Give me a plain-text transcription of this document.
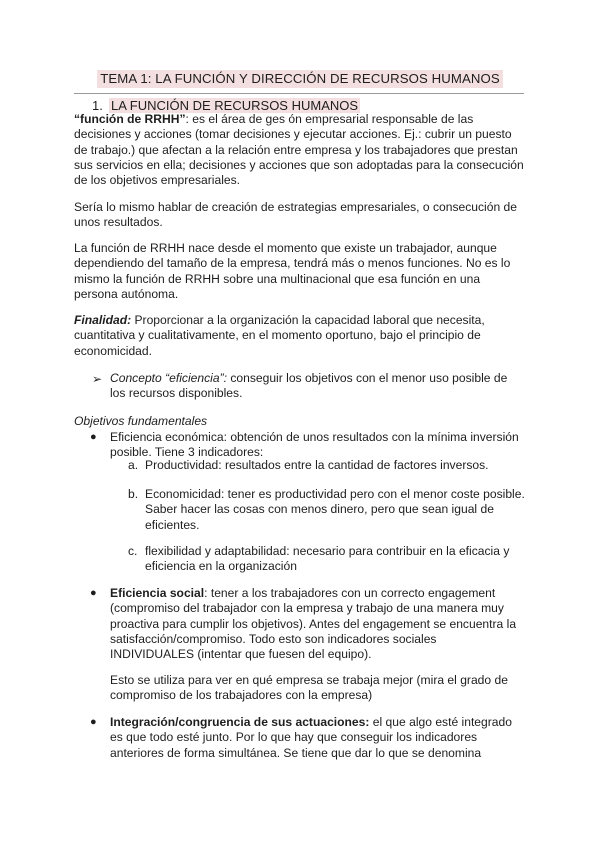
TEMA 1: LA FUNCIÓN Y DIRECCIÓN DE RECURSOS HUMANOS
1. LA FUNCIÓN DE RECURSOS HUMANOS
“función de RRHH”: es el área de ges ón empresarial responsable de las decisiones y acciones (tomar decisiones y ejecutar acciones. Ej.: cubrir un puesto de trabajo.) que afectan a la relación entre empresa y los trabajadores que prestan sus servicios en ella; decisiones y acciones que son adoptadas para la consecución de los objetivos empresariales.
Sería lo mismo hablar de creación de estrategias empresariales, o consecución de unos resultados.
La función de RRHH nace desde el momento que existe un trabajador, aunque dependiendo del tamaño de la empresa, tendrá más o menos funciones. No es lo mismo la función de RRHH sobre una multinacional que esa función en una persona autónoma.
Finalidad: Proporcionar a la organización la capacidad laboral que necesita, cuantitativa y cualitativamente, en el momento oportuno, bajo el principio de economicidad.
➢ Concepto “eficiencia”: conseguir los objetivos con el menor uso posible de los recursos disponibles.
Objetivos fundamentales
● Eficiencia económica: obtención de unos resultados con la mínima inversión posible. Tiene 3 indicadores:
a. Productividad: resultados entre la cantidad de factores inversos.
b. Economicidad: tener es productividad pero con el menor coste posible. Saber hacer las cosas con menos dinero, pero que sean igual de eficientes.
c. flexibilidad y adaptabilidad: necesario para contribuir en la eficacia y eficiencia en la organización
● Eficiencia social: tener a los trabajadores con un correcto engagement (compromiso del trabajador con la empresa y trabajo de una manera muy proactiva para cumplir los objetivos). Antes del engagement se encuentra la satisfacción/compromiso. Todo esto son indicadores sociales INDIVIDUALES (intentar que fuesen del equipo).
Esto se utiliza para ver en qué empresa se trabaja mejor (mira el grado de compromiso de los trabajadores con la empresa)
● Integración/congruencia de sus actuaciones: el que algo esté integrado es que todo esté junto. Por lo que hay que conseguir los indicadores anteriores de forma simultánea. Se tiene que dar lo que se denomina
